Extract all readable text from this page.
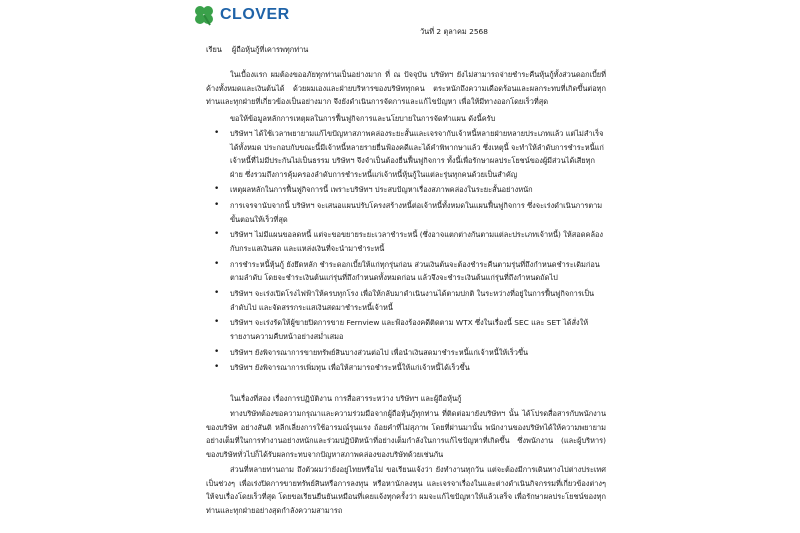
CLOVER
วันที่ 2 ตุลาคม 2568
เรียน ผู้ถือหุ้นกู้ที่เคารพทุกท่าน

ในเบื้องแรก ผมต้องขออภัยทุกท่านเป็นอย่างมาก ที่ ณ ปัจจุบัน บริษัทฯ ยังไม่สามารถจ่ายชำระคืนหุ้นกู้ทั้งส่วนดอกเบี้ยที่ค้างทั้งหมดและเงินต้นได้ ด้วยผมเองและฝ่ายบริหารของบริษัททุกคน ตระหนักถึงความเดือดร้อนและผลกระทบที่เกิดขึ้นต่อทุกท่านและทุกฝ่ายที่เกี่ยวข้องเป็นอย่างมาก จึงยังดำเนินการจัดการและแก้ไขปัญหา เพื่อให้มีทางออกโดยเร็วที่สุด

ขอให้ข้อมูลหลักการเหตุผลในการฟื้นฟูกิจการและนโยบายในการจัดทำแผน ดังนี้ครับ

• บริษัทฯ ได้ใช้เวลาพยายามแก้ไขปัญหาสภาพคล่องระยะสั้นและเจรจากับเจ้าหนี้หลายฝ่ายหลายประเภทแล้ว แต่ไม่สำเร็จได้ทั้งหมด ประกอบกับขณะนี้มีเจ้าหนี้หลายรายยื่นฟ้องคดีและได้คำพิพากษาแล้ว ซึ่งเหตุนี้ จะทำให้ลำดับการชำระหนี้แก่เจ้าหนี้ที่ไม่มีประกันไม่เป็นธรรม บริษัทฯ จึงจำเป็นต้องยื่นฟื้นฟูกิจการ ทั้งนี้เพื่อรักษาผลประโยชน์ของผู้มีส่วนได้เสียทุกฝ่าย ซึ่งรวมถึงการคุ้มครองลำดับการชำระหนี้แก่เจ้าหนี้หุ้นกู้ในแต่ละรุ่นทุกคนด้วยเป็นสำคัญ
• เหตุผลหลักในการฟื้นฟูกิจการนี้ เพราะบริษัทฯ ประสบปัญหาเรื่องสภาพคล่องในระยะสั้นอย่างหนัก
• การเจรจานับจากนี้ บริษัทฯ จะเสนอแผนปรับโครงสร้างหนี้ต่อเจ้าหนี้ทั้งหมดในแผนฟื้นฟูกิจการ ซึ่งจะเร่งดำเนินการตามขั้นตอนให้เร็วที่สุด
• บริษัทฯ ไม่มีแผนขอลดหนี้ แต่จะขอขยายระยะเวลาชำระหนี้ (ซึ่งอาจแตกต่างกันตามแต่ละประเภทเจ้าหนี้) ให้สอดคล้องกับกระแสเงินสด และแหล่งเงินที่จะนำมาชำระหนี้
• การชำระหนี้หุ้นกู้ ยังยึดหลัก ชำระดอกเบี้ยให้แก่ทุกรุ่นก่อน ส่วนเงินต้นจะต้องชำระคืนตามรุ่นที่ถึงกำหนดชำระเดิมก่อนตามลำดับ โดยจะชำระเงินต้นแก่รุ่นที่ถึงกำหนดทั้งหมดก่อน แล้วจึงจะชำระเงินต้นแก่รุ่นที่ถึงกำหนดถัดไป
• บริษัทฯ จะเร่งเปิดโรงไฟฟ้าให้ครบทุกโรง เพื่อให้กลับมาดำเนินงานได้ตามปกติ ในระหว่างที่อยู่ในการฟื้นฟูกิจการเป็นลำดับไป และจัดสรรกระแสเงินสดมาชำระหนี้เจ้าหนี้
• บริษัทฯ จะเร่งรัดให้ผู้ขายปิดการขาย Fernview และฟ้องร้องคดีติดตาม WTX ซึ่งในเรื่องนี้ SEC และ SET ได้สั่งให้รายงานความคืบหน้าอย่างสม่ำเสมอ
• บริษัทฯ ยังพิจารณาการขายทรัพย์สินบางส่วนต่อไป เพื่อนำเงินสดมาชำระหนี้แก่เจ้าหนี้ให้เร็วขึ้น
• บริษัทฯ ยังพิจารณาการเพิ่มทุน เพื่อให้สามารถชำระหนี้ให้แก่เจ้าหนี้ได้เร็วขึ้น

ในเรื่องที่สอง เรื่องการปฏิบัติงาน การสื่อสารระหว่าง บริษัทฯ และผู้ถือหุ้นกู้

ทางบริษัทต้องขอความกรุณาและความร่วมมือจากผู้ถือหุ้นกู้ทุกท่าน ที่ติดต่อมายังบริษัทฯ นั้น ได้โปรดสื่อสารกับพนักงานของบริษัท อย่างสันติ หลีกเลี่ยงการใช้อารมณ์รุนแรง ถ้อยคำที่ไม่สุภาพ โดยที่ผ่านมานั้น พนักงานของบริษัทได้ให้ความพยายามอย่างเต็มที่ในการทำงานอย่างหนักและร่วมปฏิบัติหน้าที่อย่างเต็มกำลังในการแก้ไขปัญหาที่เกิดขึ้น ซึ่งพนักงาน (และผู้บริหาร) ของบริษัททั่วไปก็ได้รับผลกระทบจากปัญหาสภาพคล่องของบริษัทด้วยเช่นกัน

ส่วนที่หลายท่านถาม ถึงตัวผมว่ายังอยู่ไทยหรือไม่ ขอเรียนแจ้งว่า ยังทำงานทุกวัน แต่จะต้องมีการเดินทางไปต่างประเทศเป็นช่วงๆ เพื่อเร่งปิดการขายทรัพย์สินหรือการลงทุน หรือหานักลงทุน และเจรจาเรื่องในและต่างดำเนินกิจกรรมที่เกี่ยวข้องต่างๆ ให้จบเรื่องโดยเร็วที่สุด โดยขอเรียนยืนยันเหมือนที่เคยแจ้งทุกครั้งว่า ผมจะแก้ไขปัญหาให้แล้วเสร็จ เพื่อรักษาผลประโยชน์ของทุกท่านและทุกฝ่ายอย่างสุดกำลังความสามารถ
